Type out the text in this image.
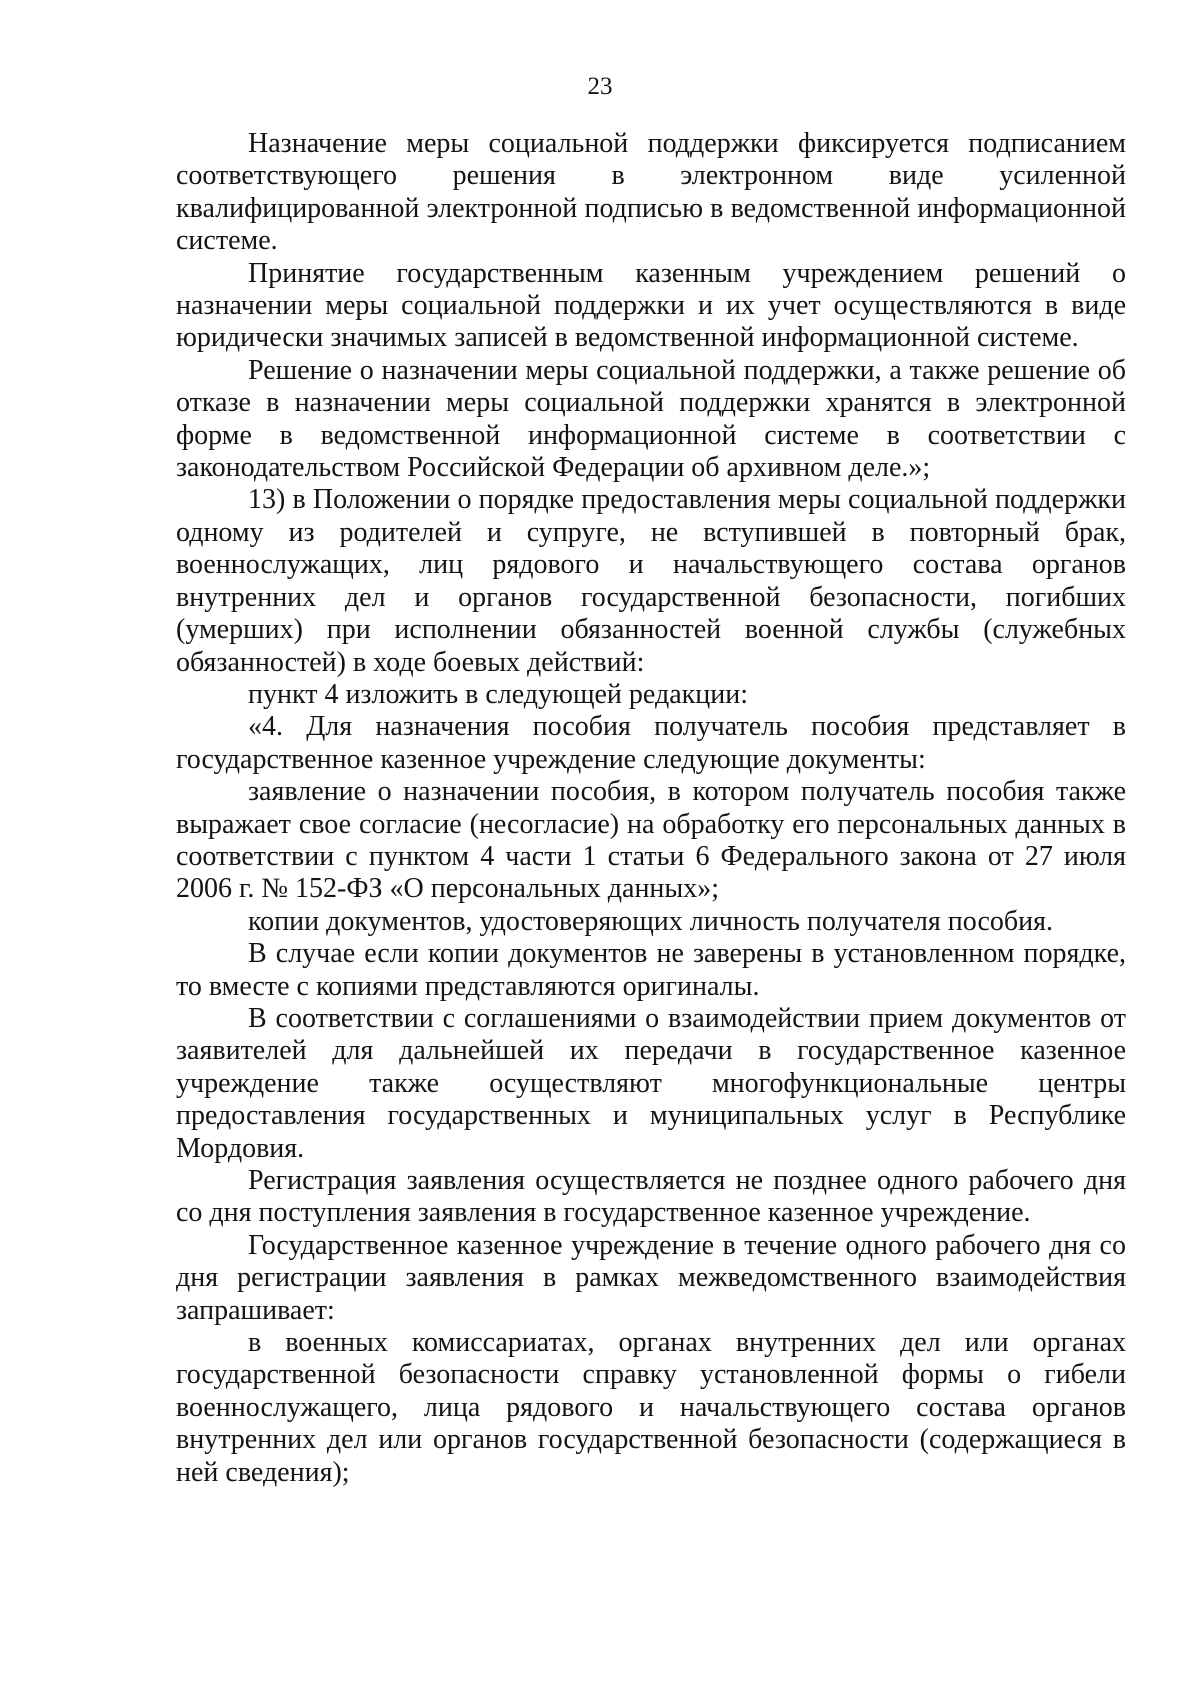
23

Назначение меры социальной поддержки фиксируется подписанием соответствующего решения в электронном виде усиленной квалифицированной электронной подписью в ведомственной информационной системе.

Принятие государственным казенным учреждением решений о назначении меры социальной поддержки и их учет осуществляются в виде юридически значимых записей в ведомственной информационной системе.

Решение о назначении меры социальной поддержки, а также решение об отказе в назначении меры социальной поддержки хранятся в электронной форме в ведомственной информационной системе в соответствии с законодательством Российской Федерации об архивном деле.»;

13) в Положении о порядке предоставления меры социальной поддержки одному из родителей и супруге, не вступившей в повторный брак, военнослужащих, лиц рядового и начальствующего состава органов внутренних дел и органов государственной безопасности, погибших (умерших) при исполнении обязанностей военной службы (служебных обязанностей) в ходе боевых действий:

пункт 4 изложить в следующей редакции:

«4. Для назначения пособия получатель пособия представляет в государственное казенное учреждение следующие документы:

заявление о назначении пособия, в котором получатель пособия также выражает свое согласие (несогласие) на обработку его персональных данных в соответствии с пунктом 4 части 1 статьи 6 Федерального закона от 27 июля 2006 г. № 152-ФЗ «О персональных данных»;

копии документов, удостоверяющих личность получателя пособия.

В случае если копии документов не заверены в установленном порядке, то вместе с копиями представляются оригиналы.

В соответствии с соглашениями о взаимодействии прием документов от заявителей для дальнейшей их передачи в государственное казенное учреждение также осуществляют многофункциональные центры предоставления государственных и муниципальных услуг в Республике Мордовия.

Регистрация заявления осуществляется не позднее одного рабочего дня со дня поступления заявления в государственное казенное учреждение.

Государственное казенное учреждение в течение одного рабочего дня со дня регистрации заявления в рамках межведомственного взаимодействия запрашивает:

в военных комиссариатах, органах внутренних дел или органах государственной безопасности справку установленной формы о гибели военнослужащего, лица рядового и начальствующего состава органов внутренних дел или органов государственной безопасности (содержащиеся в ней сведения);
